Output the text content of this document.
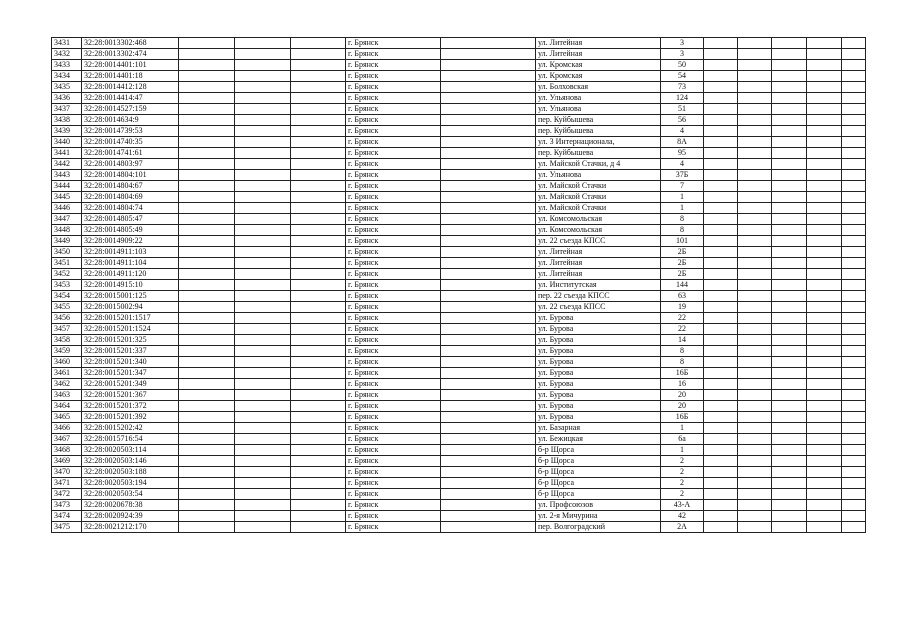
3431	32:28:0013302:468				г. Брянск		ул. Литейная	3					
3432	32:28:0013302:474				г. Брянск		ул. Литейная	3					
3433	32:28:0014401:101				г. Брянск		ул. Кромская	50					
3434	32:28:0014401:18				г. Брянск		ул. Кромская	54					
3435	32:28:0014412:128				г. Брянск		ул. Болховская	73					
3436	32:28:0014414:47				г. Брянск		ул. Ульянова	124					
3437	32:28:0014527:159				г. Брянск		ул. Ульянова	51					
3438	32:28:0014634:9				г. Брянск		пер. Куйбышева	56					
3439	32:28:0014739:53				г. Брянск		пер. Куйбышева	4					
3440	32:28:0014740:35				г. Брянск		ул. 3 Интернационала,	8А					
3441	32:28:0014741:61				г. Брянск		пер. Куйбышева	95					
3442	32:28:0014803:97				г. Брянск		ул. Майской Стачки, д 4	4					
3443	32:28:0014804:101				г. Брянск		ул. Ульянова	37Б					
3444	32:28:0014804:67				г. Брянск		ул. Майской Стачки	7					
3445	32:28:0014804:69				г. Брянск		ул. Майской Стачки	1					
3446	32:28:0014804:74				г. Брянск		ул. Майской Стачки	1					
3447	32:28:0014805:47				г. Брянск		ул. Комсомольская	8					
3448	32:28:0014805:49				г. Брянск		ул. Комсомольская	8					
3449	32:28:0014909:22				г. Брянск		ул. 22 съезда КПСС	101					
3450	32:28:0014911:103				г. Брянск		ул. Литейная	2Б					
3451	32:28:0014911:104				г. Брянск		ул. Литейная	2Б					
3452	32:28:0014911:120				г. Брянск		ул. Литейная	2Б					
3453	32:28:0014915:10				г. Брянск		ул. Институтская	144					
3454	32:28:0015001:125				г. Брянск		пер. 22 съезда КПСС	63					
3455	32:28:0015002:94				г. Брянск		ул. 22 съезда КПСС	19					
3456	32:28:0015201:1517				г. Брянск		ул. Бурова	22					
3457	32:28:0015201:1524				г. Брянск		ул. Бурова	22					
3458	32:28:0015201:325				г. Брянск		ул. Бурова	14					
3459	32:28:0015201:337				г. Брянск		ул. Бурова	8					
3460	32:28:0015201:340				г. Брянск		ул. Бурова	8					
3461	32:28:0015201:347				г. Брянск		ул. Бурова	16Б					
3462	32:28:0015201:349				г. Брянск		ул. Бурова	16					
3463	32:28:0015201:367				г. Брянск		ул. Бурова	20					
3464	32:28:0015201:372				г. Брянск		ул. Бурова	20					
3465	32:28:0015201:392				г. Брянск		ул. Бурова	16Б					
3466	32:28:0015202:42				г. Брянск		ул. Базарная	1					
3467	32:28:0015716:54				г. Брянск		ул. Бежицкая	6а					
3468	32:28:0020503:114				г. Брянск		б-р Щорса	1					
3469	32:28:0020503:146				г. Брянск		б-р Щорса	2					
3470	32:28:0020503:188				г. Брянск		б-р Щорса	2					
3471	32:28:0020503:194				г. Брянск		б-р Щорса	2					
3472	32:28:0020503:54				г. Брянск		б-р Щорса	2					
3473	32:28:0020678:38				г. Брянск		ул. Профсоюзов	43-А					
3474	32:28:0020924:39				г. Брянск		ул. 2-я Мичурина	42					
3475	32:28:0021212:170				г. Брянск		пер. Волгоградский	2А					
